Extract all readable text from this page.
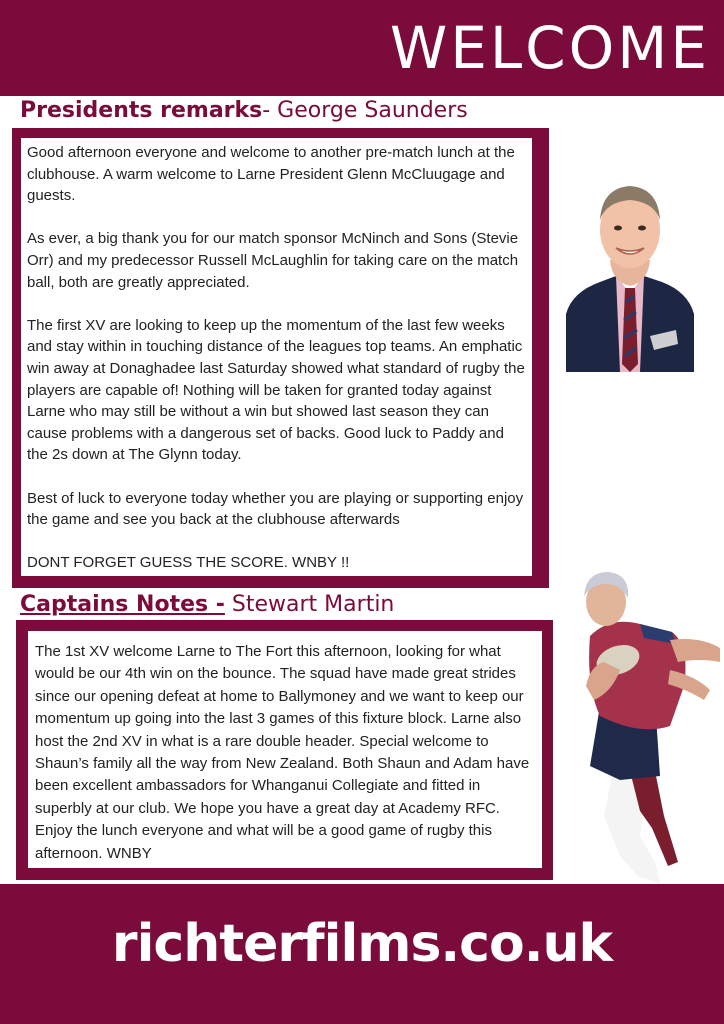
WELCOME
Presidents remarks- George Saunders

Good afternoon everyone and welcome to another pre-match lunch at the clubhouse. A warm welcome to Larne President Glenn McCluugage and guests.

As ever, a big thank you for our match sponsor McNinch and Sons (Stevie Orr) and my predecessor Russell McLaughlin for taking care on the match ball, both are greatly appreciated.

The first XV are looking to keep up the momentum of the last few weeks and stay within in touching distance of the leagues top teams. An emphatic win away at Donaghadee last Saturday showed what standard of rugby the players are capable of! Nothing will be taken for granted today against Larne who may still be without a win but showed last season they can cause problems with a dangerous set of backs. Good luck to Paddy and the 2s down at The Glynn today.

Best of luck to everyone today whether you are playing or supporting enjoy the game and see you back at the clubhouse afterwards

DONT FORGET GUESS THE SCORE. WNBY !!

Captains Notes - Stewart Martin

The 1st XV welcome Larne to The Fort this afternoon, looking for what would be our 4th win on the bounce. The squad have made great strides since our opening defeat at home to Ballymoney and we want to keep our momentum up going into the last 3 games of this fixture block. Larne also host the 2nd XV in what is a rare double header. Special welcome to Shaun’s family all the way from New Zealand. Both Shaun and Adam have been excellent ambassadors for Whanganui Collegiate and fitted in superbly at our club. We hope you have a great day at Academy RFC. Enjoy the lunch everyone and what will be a good game of rugby this afternoon. WNBY

richterfilms.co.uk
